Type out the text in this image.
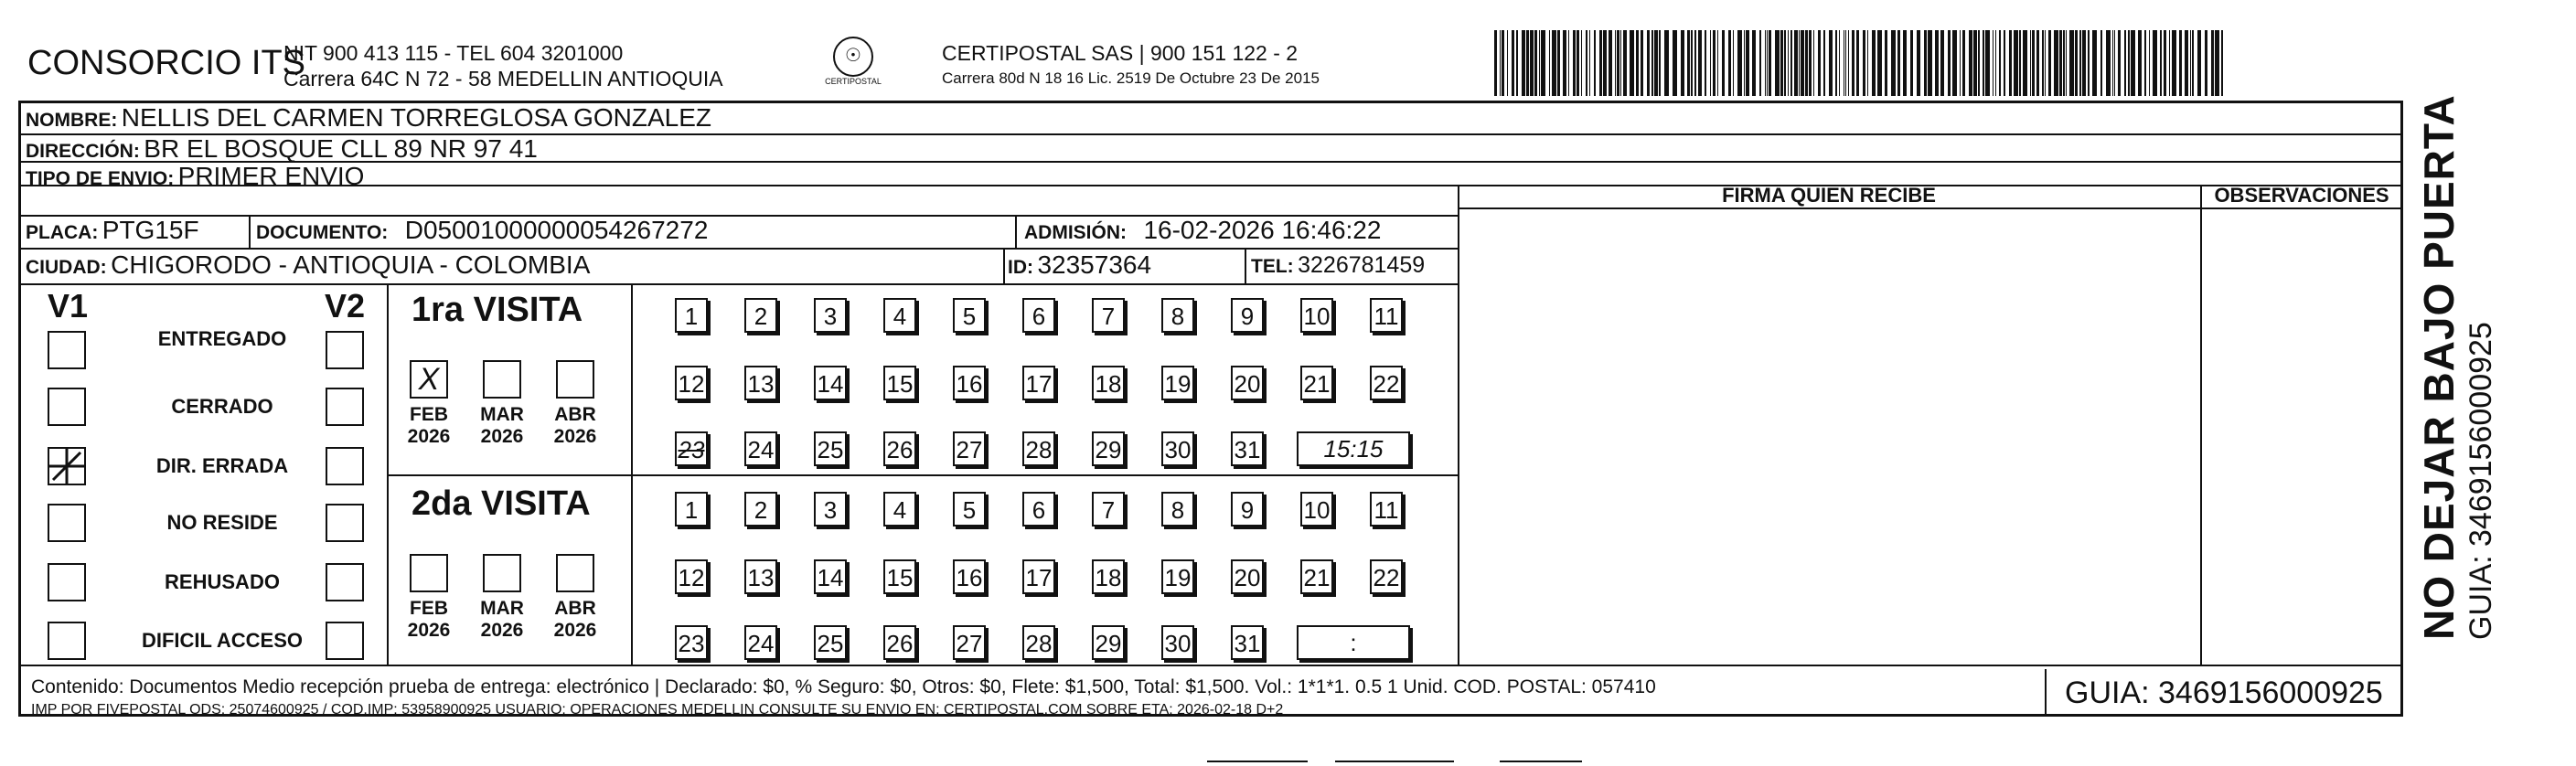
CONSORCIO ITS
NIT 900 413 115 - TEL 604 3201000
Carrera 64C N 72 - 58 MEDELLIN ANTIOQUIA
☉
CERTIPOSTAL
CERTIPOSTAL SAS | 900 151 122 - 2
Carrera 80d N 18 16 Lic. 2519 De Octubre 23 De 2015
NOMBRE: NELLIS DEL CARMEN TORREGLOSA GONZALEZ
DIRECCIÓN: BR EL BOSQUE CLL 89 NR 97 41
TIPO DE ENVIO: PRIMER ENVIO
FIRMA QUIEN RECIBE	OBSERVACIONES
PLACA: PTG15F	DOCUMENTO: D05001000000054267272	ADMISIÓN: 16-02-2026 16:46:22
CIUDAD: CHIGORODO - ANTIOQUIA - COLOMBIA	ID: 32357364	TEL: 3226781459
V1	V2
ENTREGADO
CERRADO
DIR. ERRADA
NO RESIDE
REHUSADO
DIFICIL ACCESO
1ra VISITA
2da VISITA
X
FEB
2026
MAR
2026
ABR
2026
1	2	3	4	5	6	7	8	9	10 11
12 13 14 15 16 17 18 19 20 21 22
23 24 25 26 27 28 29 30 31	15:15
FEB
2026
MAR
2026
ABR
2026
1	2	3	4	5	6	7	8	9	10 11
12 13 14 15 16 17 18 19 20 21 22
23 24 25 26 27 28 29 30 31	:
Contenido: Documentos Medio recepción prueba de entrega: electrónico | Declarado: $0, % Seguro: $0, Otros: $0, Flete: $1,500, Total: $1,500. Vol.: 1*1*1. 0.5 1 Unid. COD. POSTAL: 057410
IMP POR FIVEPOSTAL ODS: 25074600925 / COD.IMP: 53958900925 USUARIO: OPERACIONES MEDELLIN CONSULTE SU ENVIO EN: CERTIPOSTAL.COM SOBRE ETA: 2026-02-18 D+2	GUIA: 3469156000925
NO DEJAR BAJO PUERTA GUIA: 3469156000925
